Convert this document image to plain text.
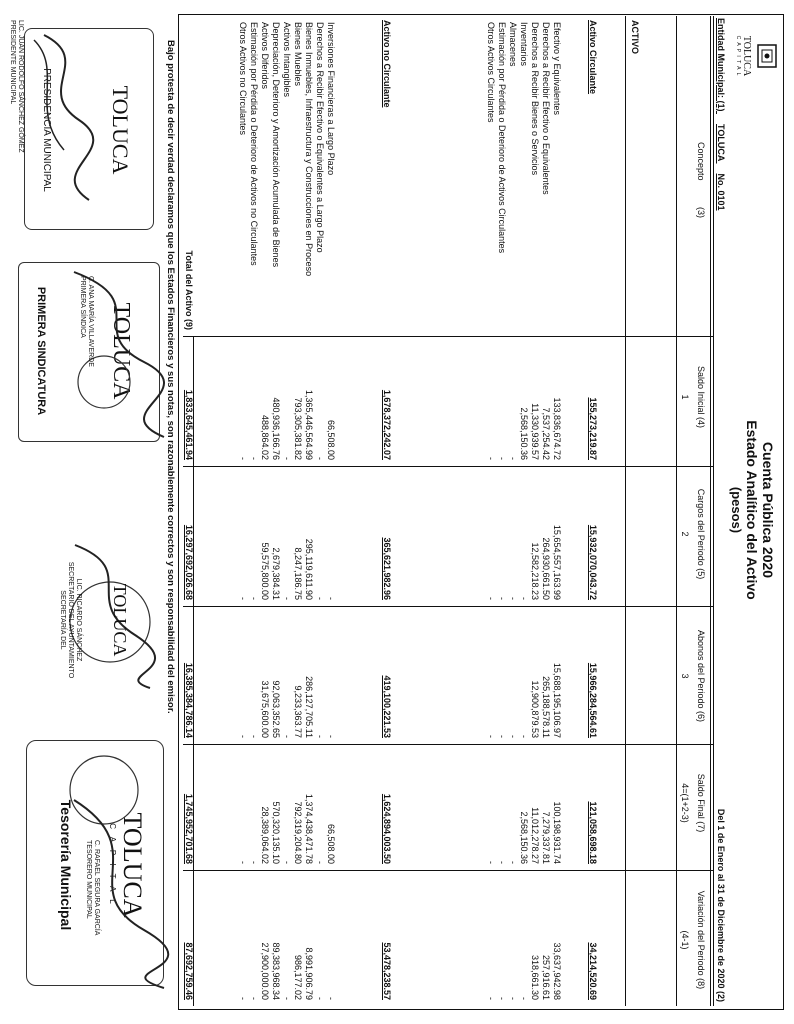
TOLUCA
C A P I T A L
Cuenta Pública 2020
Estado Analítico del Activo
(pesos)
Entidad Municipal: (1) TOLUCA No. 0101
Del 1 de Enero al 31 de Diciembre de 2020 (2)
Concepto (3)
Saldo Inicial (4)
1
Cargos del Periodo (5)
2
Abonos del Periodo (6)
3
Saldo Final (7)
4=(1+2-3)
Variación del Periodo (8)
(4-1)
ACTIVO
Activo Circulante
155,273,219.87
15,932,070,043.72
15,966,284,564.61
121,058,698.18
34,214,520.69
Efectivo y Equivalentes
133,836,674.72
15,654,557,163.99
15,688,195,106.97
100,198,931.74
33,637,942.98
Derechos a Recibir Efectivo o Equivalentes
7,537,254.42
264,930,661.50
265,188,578.11
7,279,337.81
257,916.61
Derechos a Recibir Bienes o Servicios
11,330,939.57
12,582,218.23
12,900,879.53
11,012,278.27
318,661.30
Inventarios
2,568,150.36
-
-
2,568,150.36
-
Almacenes
-
-
-
-
-
Estimación por Pérdida o Deterioro de Activos Circulantes
-
-
-
-
-
Otros Activos Circulantes
-
-
-
-
-
Activo no Circulante
1,678,372,242.07
365,621,982.96
419,100,221.53
1,624,894,003.50
53,478,238.57
Inversiones Financieras a Largo Plazo
66,508.00
-
-
66,508.00
-
Derechos a Recibir Efectivo o Equivalentes a Largo Plazo
-
-
-
-
-
Bienes Inmuebles, Infraestructura y Construcciones en Proceso
1,365,446,564.99
295,119,611.90
286,127,705.11
1,374,438,471.78
8,991,906.79
Bienes Muebles
793,305,381.82
8,247,186.75
9,233,363.77
792,319,204.80
986,177.02
Activos Intangibles
-
-
-
-
-
Depreciación, Deterioro y Amortización Acumulada de Bienes
480,936,166.76
2,679,384.31
92,063,352.65
570,320,135.10
89,383,968.34
Activos Diferidos
488,864.02
59,575,800.00
31,675,600.00
28,389,064.02
27,900,000.00
Estimación por Pérdida o Deterioro de Activos no Circulantes
-
-
-
-
-
Otros Activos no Circulantes
-
-
-
-
-
Total del Activo (9)
1,833,645,461.94
16,297,692,026.68
16,385,384,786.14
1,745,952,701.68
87,692,759.46
Bajo protesta de decir verdad declaramos que los Estados Financieros y sus notas, son razonablemente correctos y son responsabilidad del emisor.
TOLUCA
PRESIDENCIA MUNICIPAL
LIC. JUAN RODOLFO SÁNCHEZ GÓMEZ
PRESIDENTE MUNICIPAL
TOLUCA
PRIMERA SINDICATURA	C. ANA MARÍA VILLAVERDE
PRIMERA SÍNDICA
TOLUCA
LIC. RICARDO SÁNCHEZ
SECRETARIO DEL AYUNTAMIENTO
SECRETARÍA DEL
TOLUCA
C A P I T A L
Tesorería Municipal	C. RAFAEL SEGURA GARCÍA
TESORERO MUNICIPAL
